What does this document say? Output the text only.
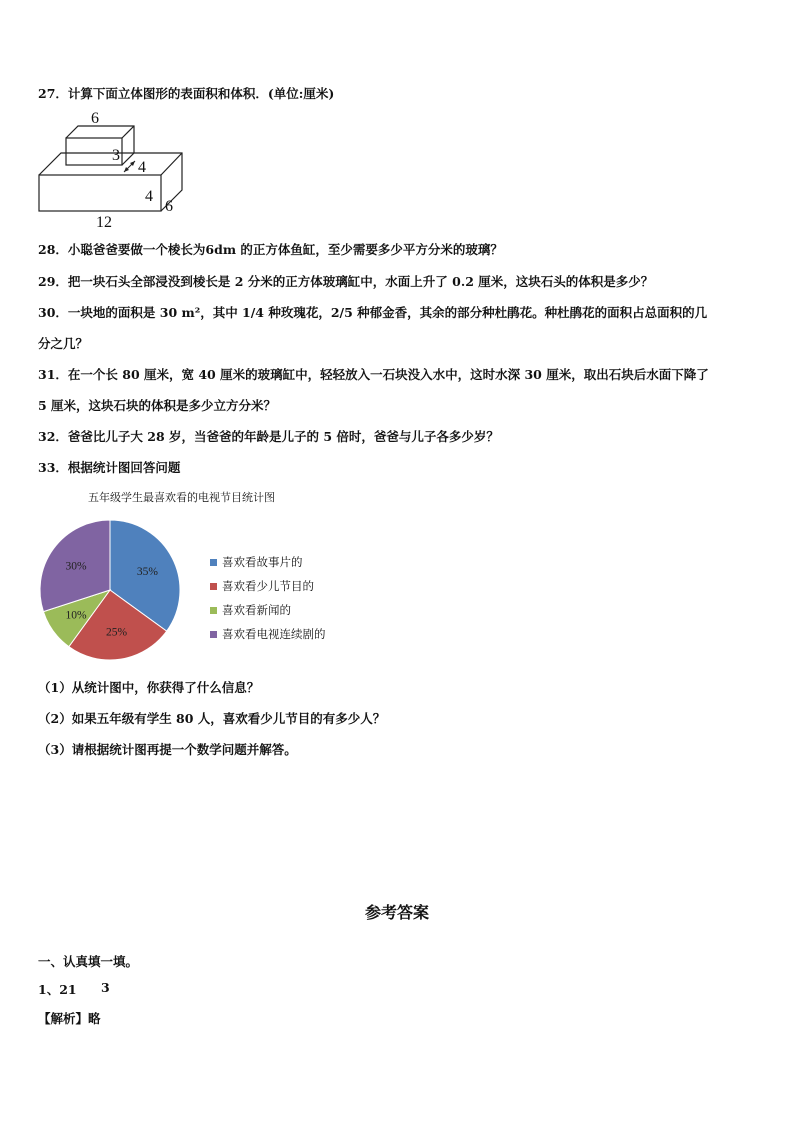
27．计算下面立体图形的表面积和体积．(单位:厘米)
6
3
4
4
6
12
28．小聪爸爸要做一个棱长为6dm 的正方体鱼缸，至少需要多少平方分米的玻璃？
29．把一块石头全部浸没到棱长是 2 分米的正方体玻璃缸中，水面上升了 0.2 厘米，这块石头的体积是多少？
30．一块地的面积是 30 m²，其中 1/4 种玫瑰花，2/5 种郁金香，其余的部分种杜鹃花。种杜鹃花的面积占总面积的几
分之几？
31．在一个长 80 厘米，宽 40 厘米的玻璃缸中，轻轻放入一石块没入水中，这时水深 30 厘米，取出石块后水面下降了
5 厘米，这块石块的体积是多少立方分米？
32．爸爸比儿子大 28 岁，当爸爸的年龄是儿子的 5 倍时，爸爸与儿子各多少岁？
33．根据统计图回答问题
五年级学生最喜欢看的电视节目统计图
35%
25%
10%
30%	喜欢看故事片的
喜欢看少儿节目的
喜欢看新闻的
喜欢看电视连续剧的
（1）从统计图中，你获得了什么信息？
（2）如果五年级有学生 80 人，喜欢看少儿节目的有多少人？
（3）请根据统计图再提一个数学问题并解答。
参考答案
一、认真填一填。
1、21 3
【解析】略
